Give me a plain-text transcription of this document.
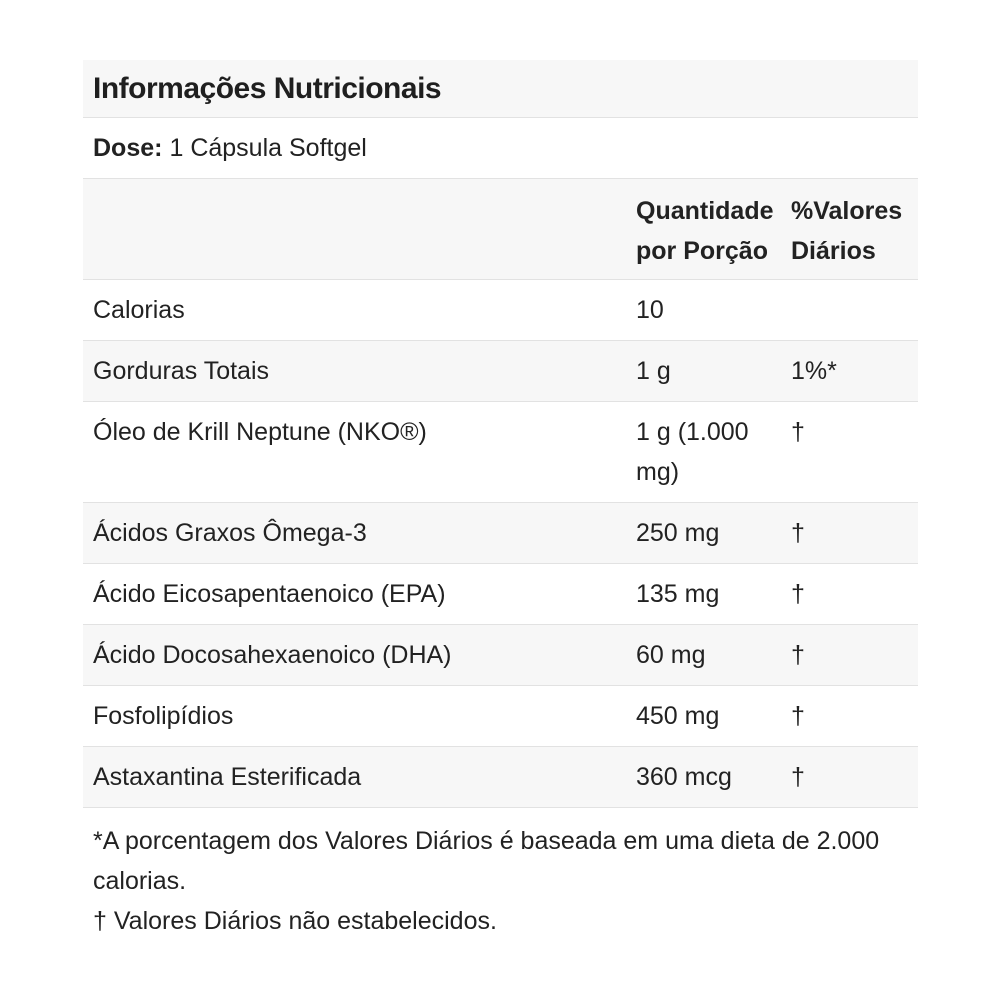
Informações Nutricionais
Dose: 1 Cápsula Softgel
	Quantidade por Porção	%Valores Diários
Calorias	10	
Gorduras Totais	1 g	1%*
Óleo de Krill Neptune (NKO®)	1 g (1.000 mg)	†
Ácidos Graxos Ômega-3	250 mg	†
Ácido Eicosapentaenoico (EPA)	135 mg	†
Ácido Docosahexaenoico (DHA)	60 mg	†
Fosfolipídios	450 mg	†
Astaxantina Esterificada	360 mcg	†

*A porcentagem dos Valores Diários é baseada em uma dieta de 2.000 calorias.

† Valores Diários não estabelecidos.
